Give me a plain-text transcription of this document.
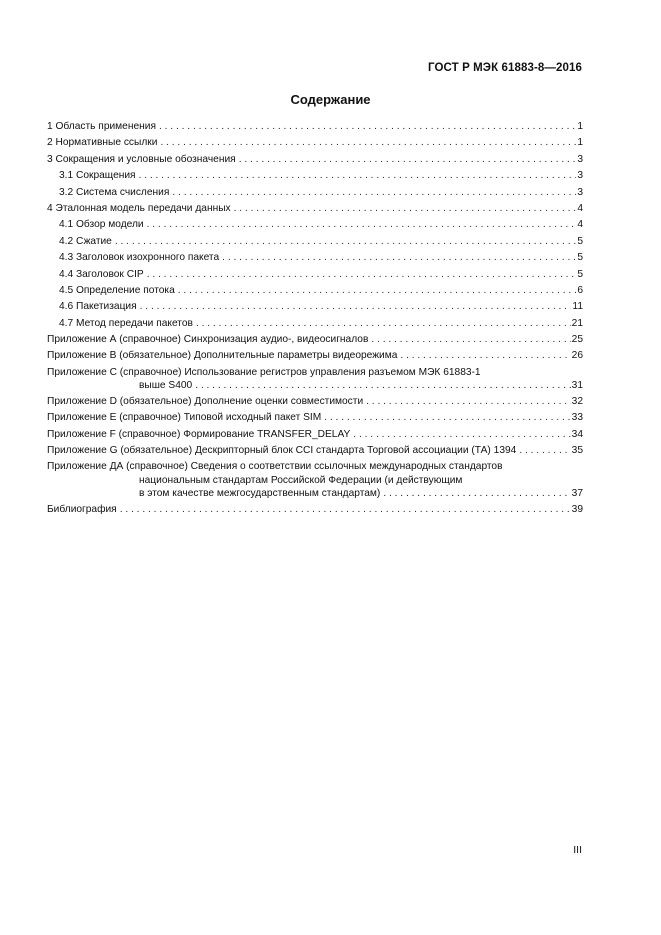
ГОСТ Р МЭК 61883-8—2016
Содержание
1 Область применения . . .	1
2 Нормативные ссылки . . .	1
3 Сокращения и условные обозначения . . .	3
3.1 Сокращения . . .	3
3.2 Система счисления . . .	3
4 Эталонная модель передачи данных . . .	4
4.1 Обзор модели . . .	4
4.2 Сжатие . . .	5
4.3 Заголовок изохронного пакета . . .	5
4.4 Заголовок CIP . . .	5
4.5 Определение потока . . .	6
4.6 Пакетизация . . .	11
4.7 Метод передачи пакетов . . .	21
Приложение А (справочное) Синхронизация аудио-, видеосигналов . . .	25
Приложение В (обязательное) Дополнительные параметры видеорежима . . .	26
Приложение С (справочное) Использование регистров управления разъемом МЭК 61883-1
выше S400 . . .	31
Приложение D (обязательное) Дополнение оценки совместимости . . .	32
Приложение Е (справочное) Типовой исходный пакет SIM . . .	33
Приложение F (справочное) Формирование TRANSFER_DELAY . . .	34
Приложение G (обязательное) Дескрипторный блок CCI стандарта Торговой ассоциации (ТА) 1394 . . .	35
Приложение ДА (справочное) Сведения о соответствии ссылочных международных стандартов
национальным стандартам Российской Федерации (и действующим
в этом качестве межгосударственным стандартам) . . .	37
Библиография . . .	39
III
